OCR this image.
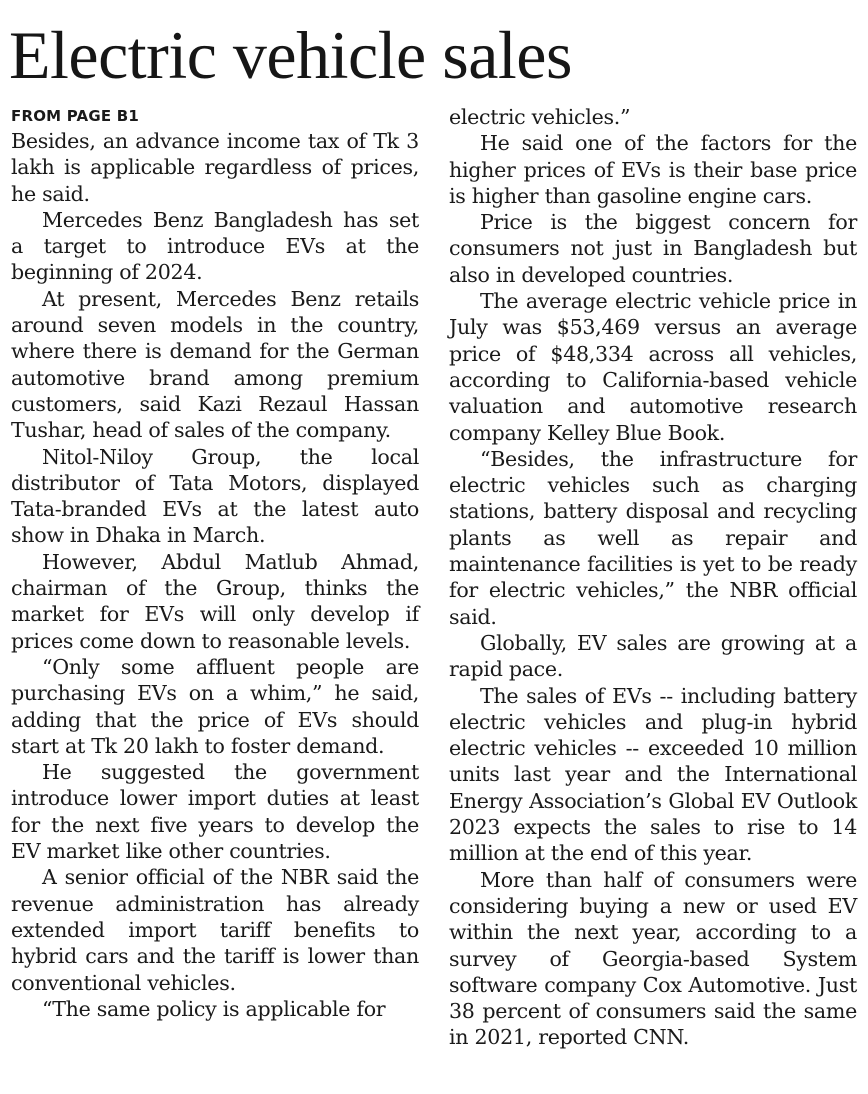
Electric vehicle sales

FROM PAGE B1

Besides, an advance income tax of Tk 3 lakh is applicable regardless of prices, he said.

Mercedes Benz Bangladesh has set a target to introduce EVs at the beginning of 2024.

At present, Mercedes Benz retails around seven models in the country, where there is demand for the German automotive brand among premium customers, said Kazi Rezaul Hassan Tushar, head of sales of the company.

Nitol-Niloy Group, the local distributor of Tata Motors, displayed Tata-branded EVs at the latest auto show in Dhaka in March.

However, Abdul Matlub Ahmad, chairman of the Group, thinks the market for EVs will only develop if prices come down to reasonable levels.

“Only some affluent people are purchasing EVs on a whim,” he said, adding that the price of EVs should start at Tk 20 lakh to foster demand.

He suggested the government introduce lower import duties at least for the next five years to develop the EV market like other countries.

A senior official of the NBR said the revenue administration has already extended import tariff benefits to hybrid cars and the tariff is lower than conventional vehicles.

“The same policy is applicable for

electric vehicles.”

He said one of the factors for the higher prices of EVs is their base price is higher than gasoline engine cars.

Price is the biggest concern for consumers not just in Bangladesh but also in developed countries.

The average electric vehicle price in July was $53,469 versus an average price of $48,334 across all vehicles, according to California-based vehicle valuation and automotive research company Kelley Blue Book.

“Besides, the infrastructure for electric vehicles such as charging stations, battery disposal and recycling plants as well as repair and maintenance facilities is yet to be ready for electric vehicles,” the NBR official said.

Globally, EV sales are growing at a rapid pace.

The sales of EVs -- including battery electric vehicles and plug-in hybrid electric vehicles -- exceeded 10 million units last year and the International Energy Association’s Global EV Outlook 2023 expects the sales to rise to 14 million at the end of this year.

More than half of consumers were considering buying a new or used EV within the next year, according to a survey of Georgia-based System software company Cox Automotive. Just 38 percent of consumers said the same in 2021, reported CNN.
